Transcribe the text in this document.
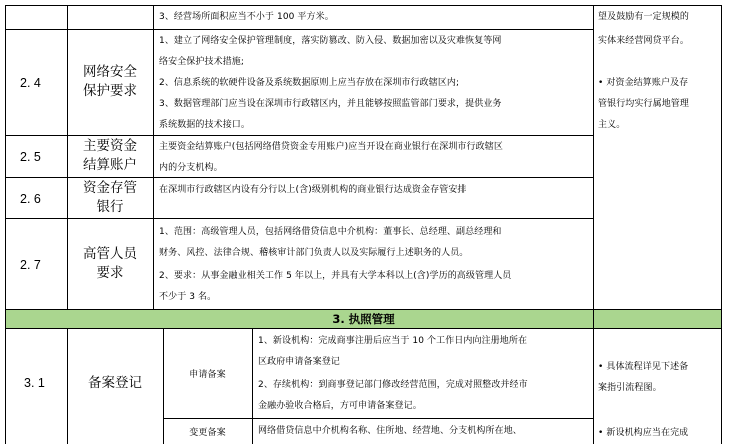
3. 执照管理
3、经营场所面积应当不小于 100 平方米。
2. 4
网络安全
保护要求
1、建立了网络安全保护管理制度，落实防篡改、防入侵、数据加密以及灾难恢复等网
络安全保护技术措施;
2、信息系统的软硬件设备及系统数据原则上应当存放在深圳市行政辖区内;
3、数据管理部门应当设在深圳市行政辖区内，并且能够按照监管部门要求，提供业务
系统数据的技术接口。
2. 5
主要资金
结算账户
主要资金结算账户(包括网络借贷资金专用账户)应当开设在商业银行在深圳市行政辖区
内的分支机构。
2. 6
资金存管
银行
在深圳市行政辖区内设有分行以上(含)级别机构的商业银行达成资金存管安排
2. 7
高管人员
要求
1、范围：高级管理人员，包括网络借贷信息中介机构：董事长、总经理、副总经理和
财务、风控、法律合规、稽核审计部门负责人以及实际履行上述职务的人员。
2、要求：从事金融业相关工作 5 年以上，并具有大学本科以上(含)学历的高级管理人员
不少于 3 名。
望及鼓励有一定规模的
实体来经营网贷平台。
• 对资金结算账户及存
管银行均实行属地管理
主义。
3. 1	备案登记	申请备案
变更备案
1、新设机构：完成商事注册后应当于 10 个工作日内向注册地所在
区政府申请备案登记
2、存续机构：到商事登记部门修改经营范围，完成对照整改并经市
金融办验收合格后，方可申请备案登记。
网络借贷信息中介机构名称、住所地、经营地、分支机构所在地、
• 具体流程详见下述备
案指引流程图。
• 新设机构应当在完成
